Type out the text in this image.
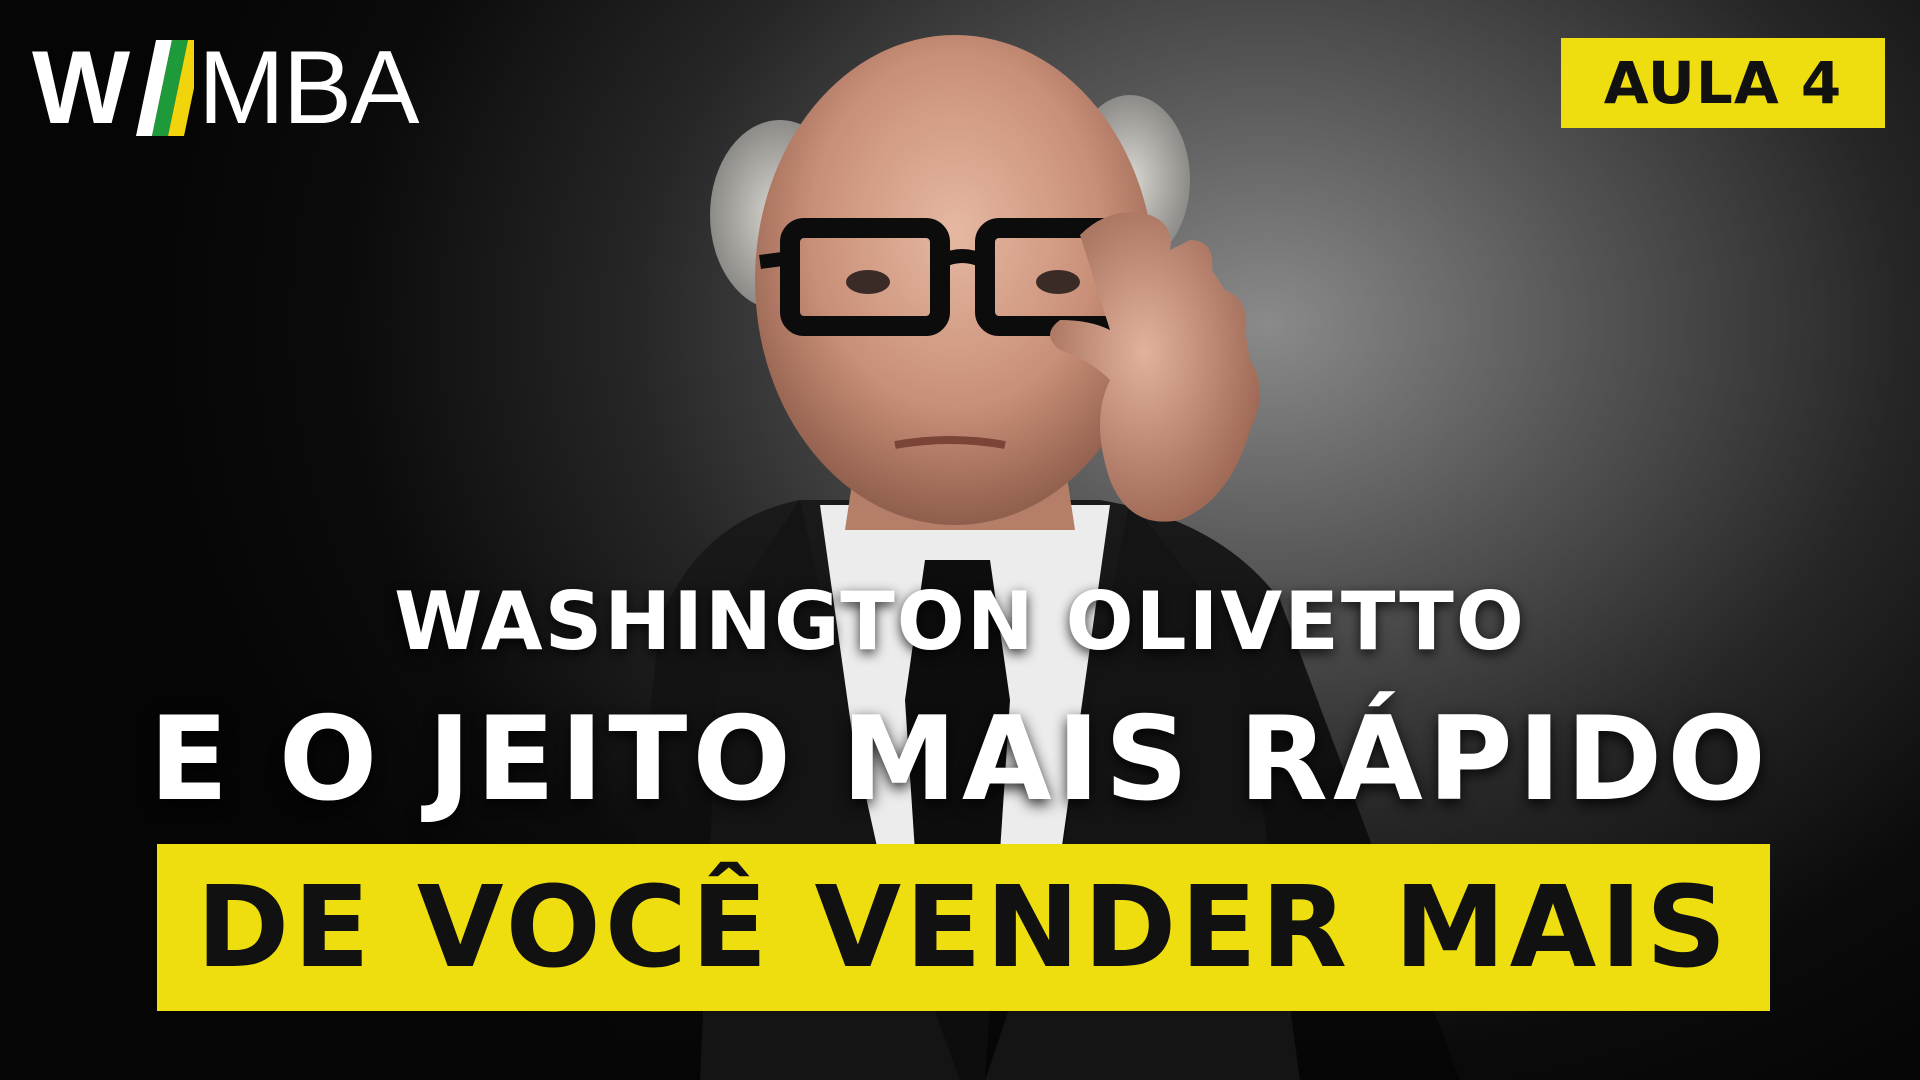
W MBA	AULA 4
WASHINGTON OLIVETTO
E O JEITO MAIS RÁPIDO
DE VOCÊ VENDER MAIS
